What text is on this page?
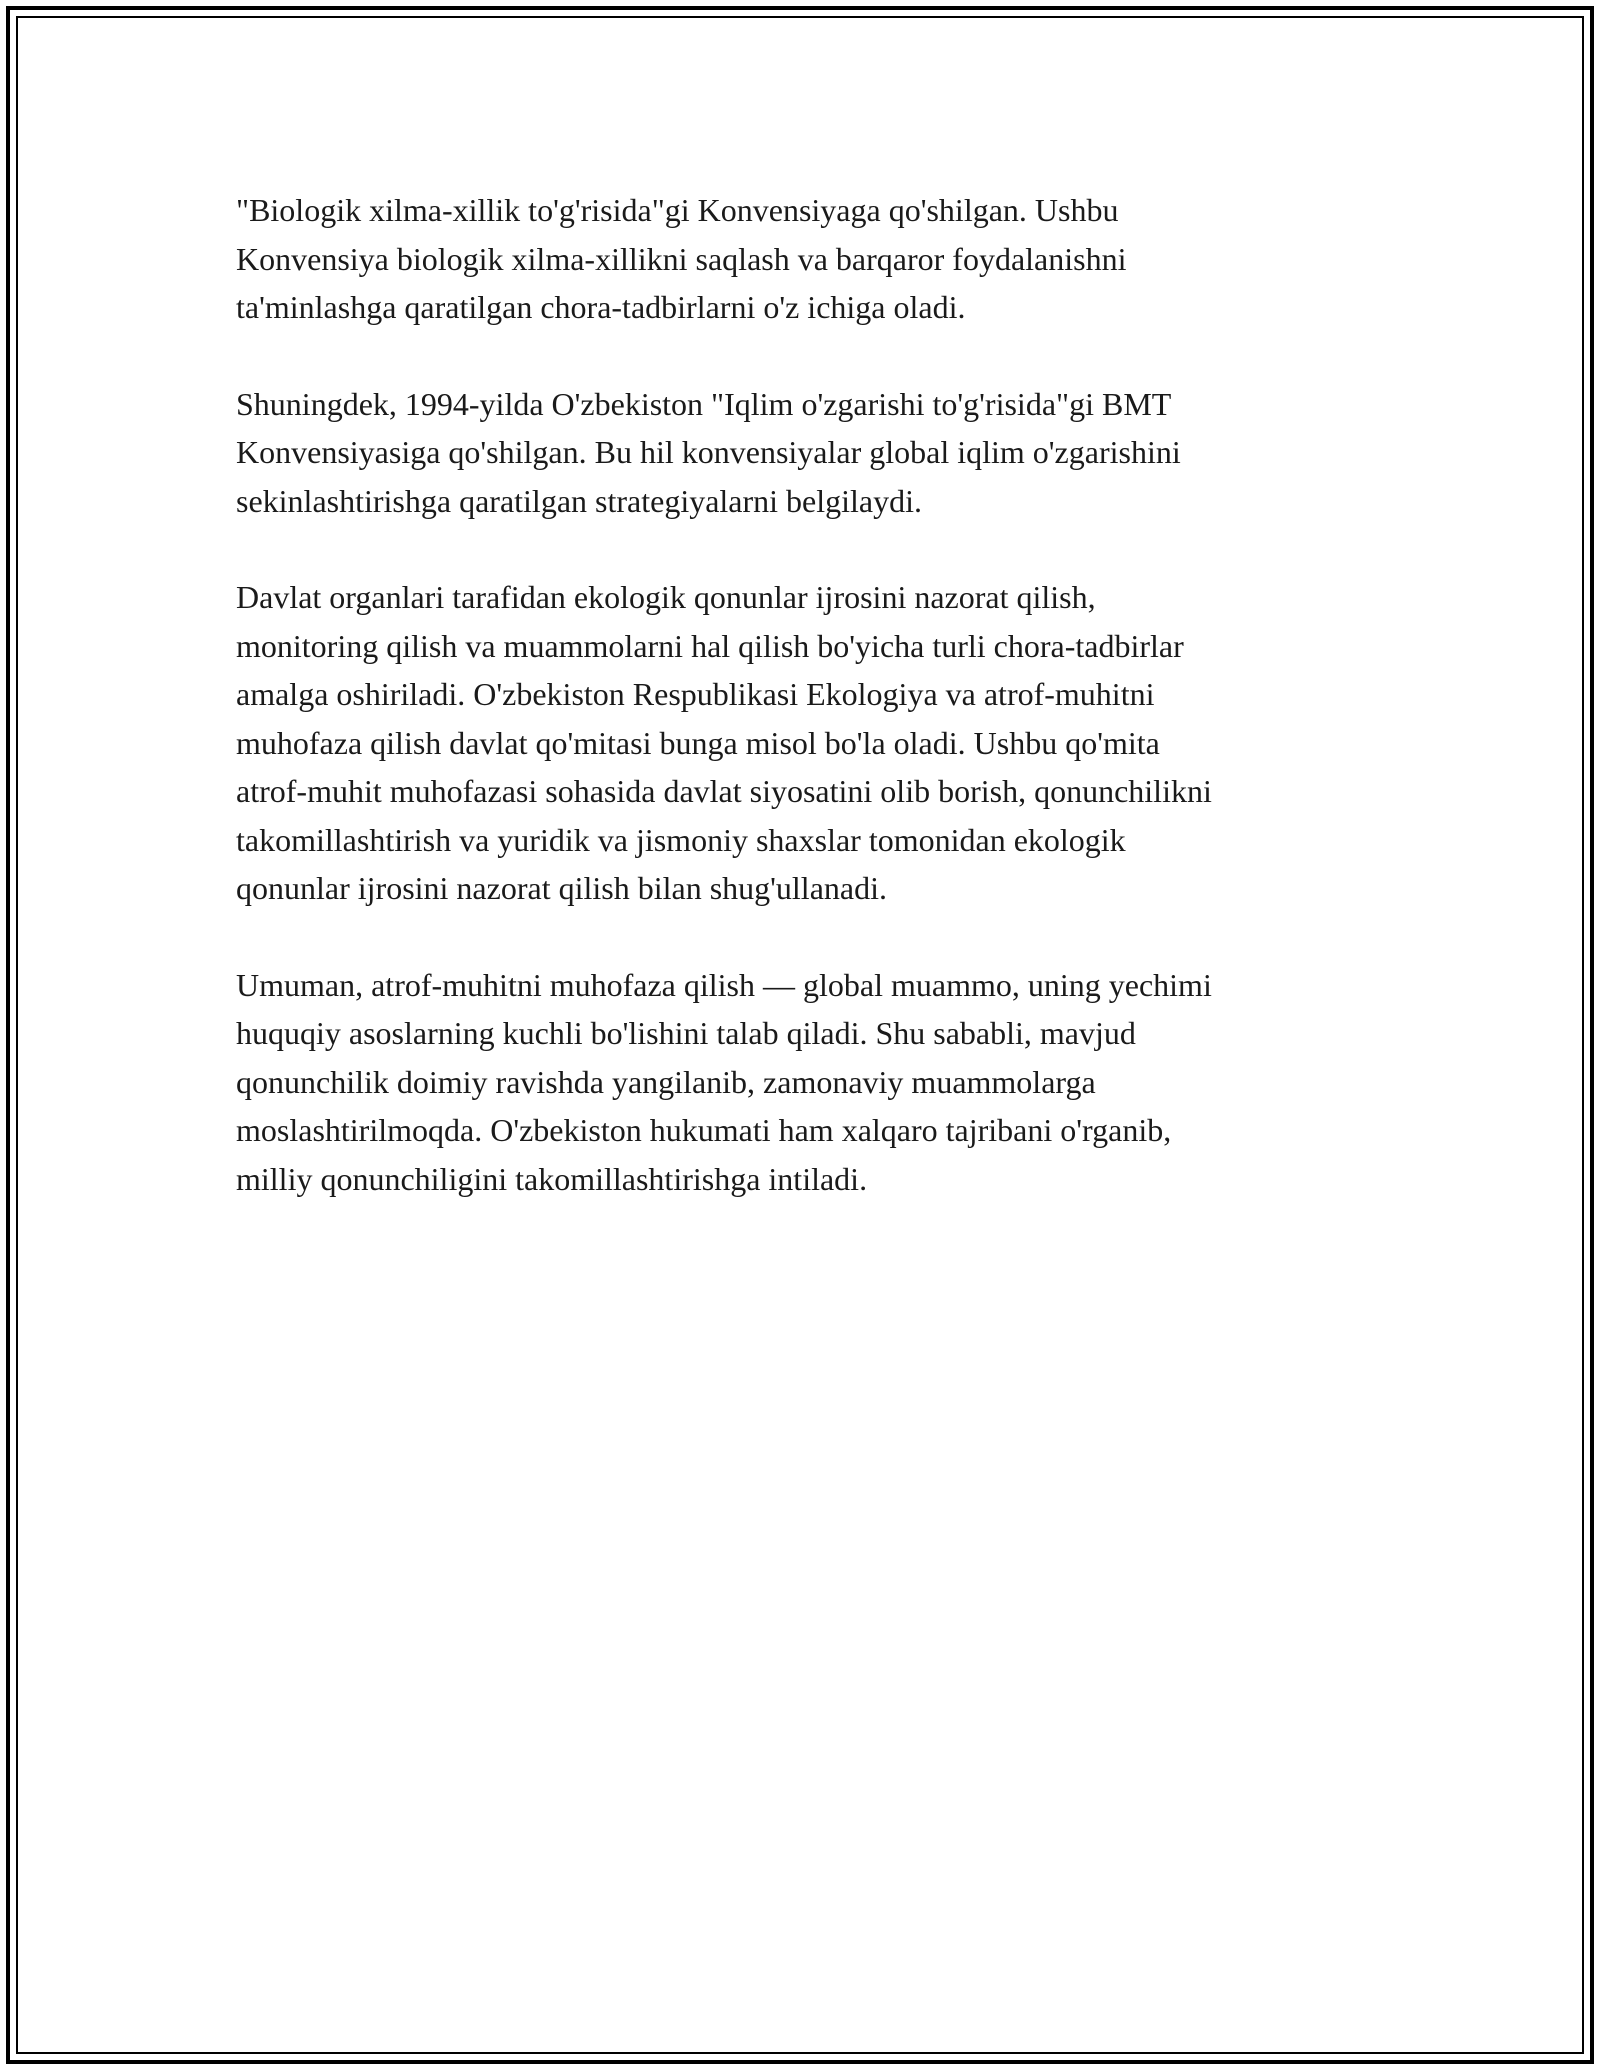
"Biologik xilma-xillik to'g'risida"gi Konvensiyaga qo'shilgan. Ushbu
Konvensiya biologik xilma-xillikni saqlash va barqaror foydalanishni
ta'minlashga qaratilgan chora-tadbirlarni o'z ichiga oladi.

Shuningdek, 1994-yilda O'zbekiston "Iqlim o'zgarishi to'g'risida"gi BMT
Konvensiyasiga qo'shilgan. Bu hil konvensiyalar global iqlim o'zgarishini
sekinlashtirishga qaratilgan strategiyalarni belgilaydi.

Davlat organlari tarafidan ekologik qonunlar ijrosini nazorat qilish,
monitoring qilish va muammolarni hal qilish bo'yicha turli chora-tadbirlar
amalga oshiriladi. O'zbekiston Respublikasi Ekologiya va atrof-muhitni
muhofaza qilish davlat qo'mitasi bunga misol bo'la oladi. Ushbu qo'mita
atrof-muhit muhofazasi sohasida davlat siyosatini olib borish, qonunchilikni
takomillashtirish va yuridik va jismoniy shaxslar tomonidan ekologik
qonunlar ijrosini nazorat qilish bilan shug'ullanadi.

Umuman, atrof-muhitni muhofaza qilish — global muammo, uning yechimi
huquqiy asoslarning kuchli bo'lishini talab qiladi. Shu sababli, mavjud
qonunchilik doimiy ravishda yangilanib, zamonaviy muammolarga
moslashtirilmoqda. O'zbekiston hukumati ham xalqaro tajribani o'rganib,
milliy qonunchiligini takomillashtirishga intiladi.
